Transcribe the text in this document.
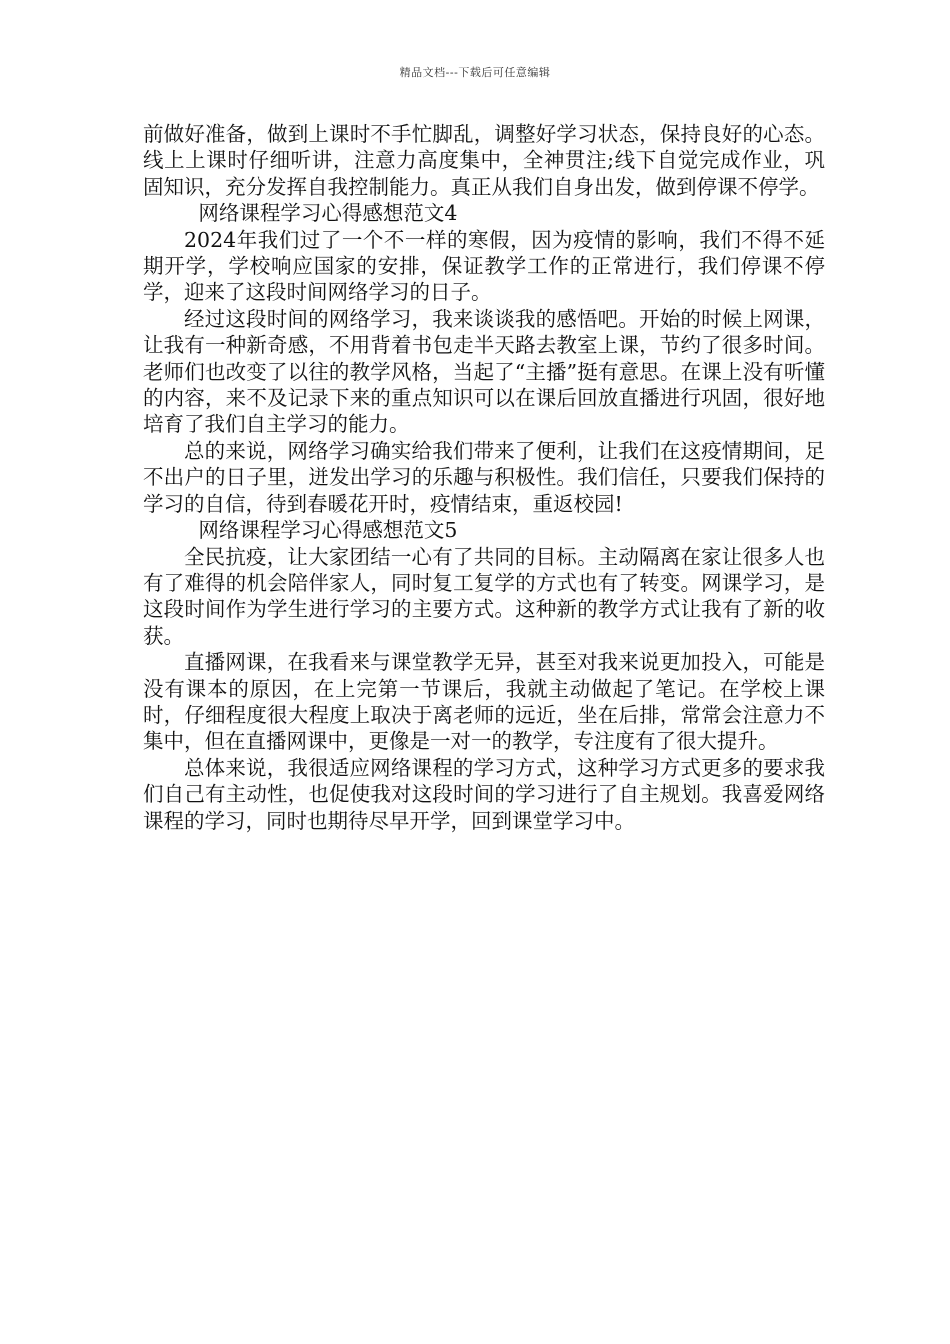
精品文档---下载后可任意编辑

前做好准备，做到上课时不手忙脚乱，调整好学习状态，保持良好的心态。线上上课时仔细听讲，注意力高度集中，全神贯注;线下自觉完成作业，巩固知识，充分发挥自我控制能力。真正从我们自身出发，做到停课不停学。

网络课程学习心得感想范文4

2024年我们过了一个不一样的寒假，因为疫情的影响，我们不得不延期开学，学校响应国家的安排，保证教学工作的正常进行，我们停课不停学，迎来了这段时间网络学习的日子。

经过这段时间的网络学习，我来谈谈我的感悟吧。开始的时候上网课，让我有一种新奇感，不用背着书包走半天路去教室上课，节约了很多时间。老师们也改变了以往的教学风格，当起了“主播”挺有意思。在课上没有听懂的内容，来不及记录下来的重点知识可以在课后回放直播进行巩固，很好地培育了我们自主学习的能力。

总的来说，网络学习确实给我们带来了便利，让我们在这疫情期间，足不出户的日子里，迸发出学习的乐趣与积极性。我们信任，只要我们保持的学习的自信，待到春暖花开时，疫情结束，重返校园!

网络课程学习心得感想范文5

全民抗疫，让大家团结一心有了共同的目标。主动隔离在家让很多人也有了难得的机会陪伴家人，同时复工复学的方式也有了转变。网课学习，是这段时间作为学生进行学习的主要方式。这种新的教学方式让我有了新的收获。

直播网课，在我看来与课堂教学无异，甚至对我来说更加投入，可能是没有课本的原因，在上完第一节课后，我就主动做起了笔记。在学校上课时，仔细程度很大程度上取决于离老师的远近，坐在后排，常常会注意力不集中，但在直播网课中，更像是一对一的教学，专注度有了很大提升。

总体来说，我很适应网络课程的学习方式，这种学习方式更多的要求我们自己有主动性，也促使我对这段时间的学习进行了自主规划。我喜爱网络课程的学习，同时也期待尽早开学，回到课堂学习中。
